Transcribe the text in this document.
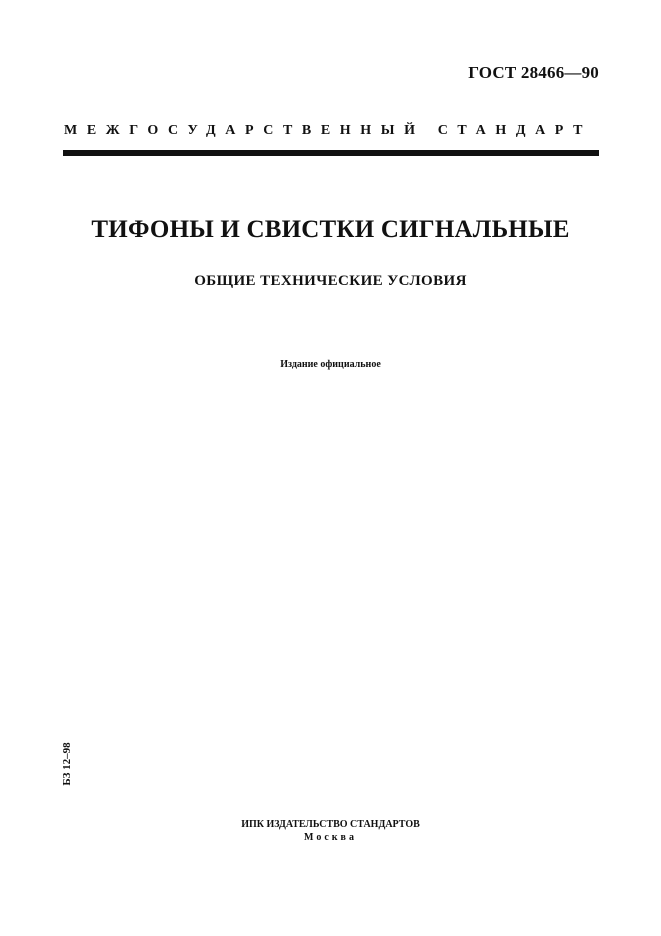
ГОСТ 28466—90
МЕЖГОСУДАРСТВЕННЫЙ СТАНДАРТ
ТИФОНЫ И СВИСТКИ СИГНАЛЬНЫЕ
ОБЩИЕ ТЕХНИЧЕСКИЕ УСЛОВИЯ
Издание официальное
БЗ 12–98
ИПК ИЗДАТЕЛЬСТВО СТАНДАРТОВ
Москва
